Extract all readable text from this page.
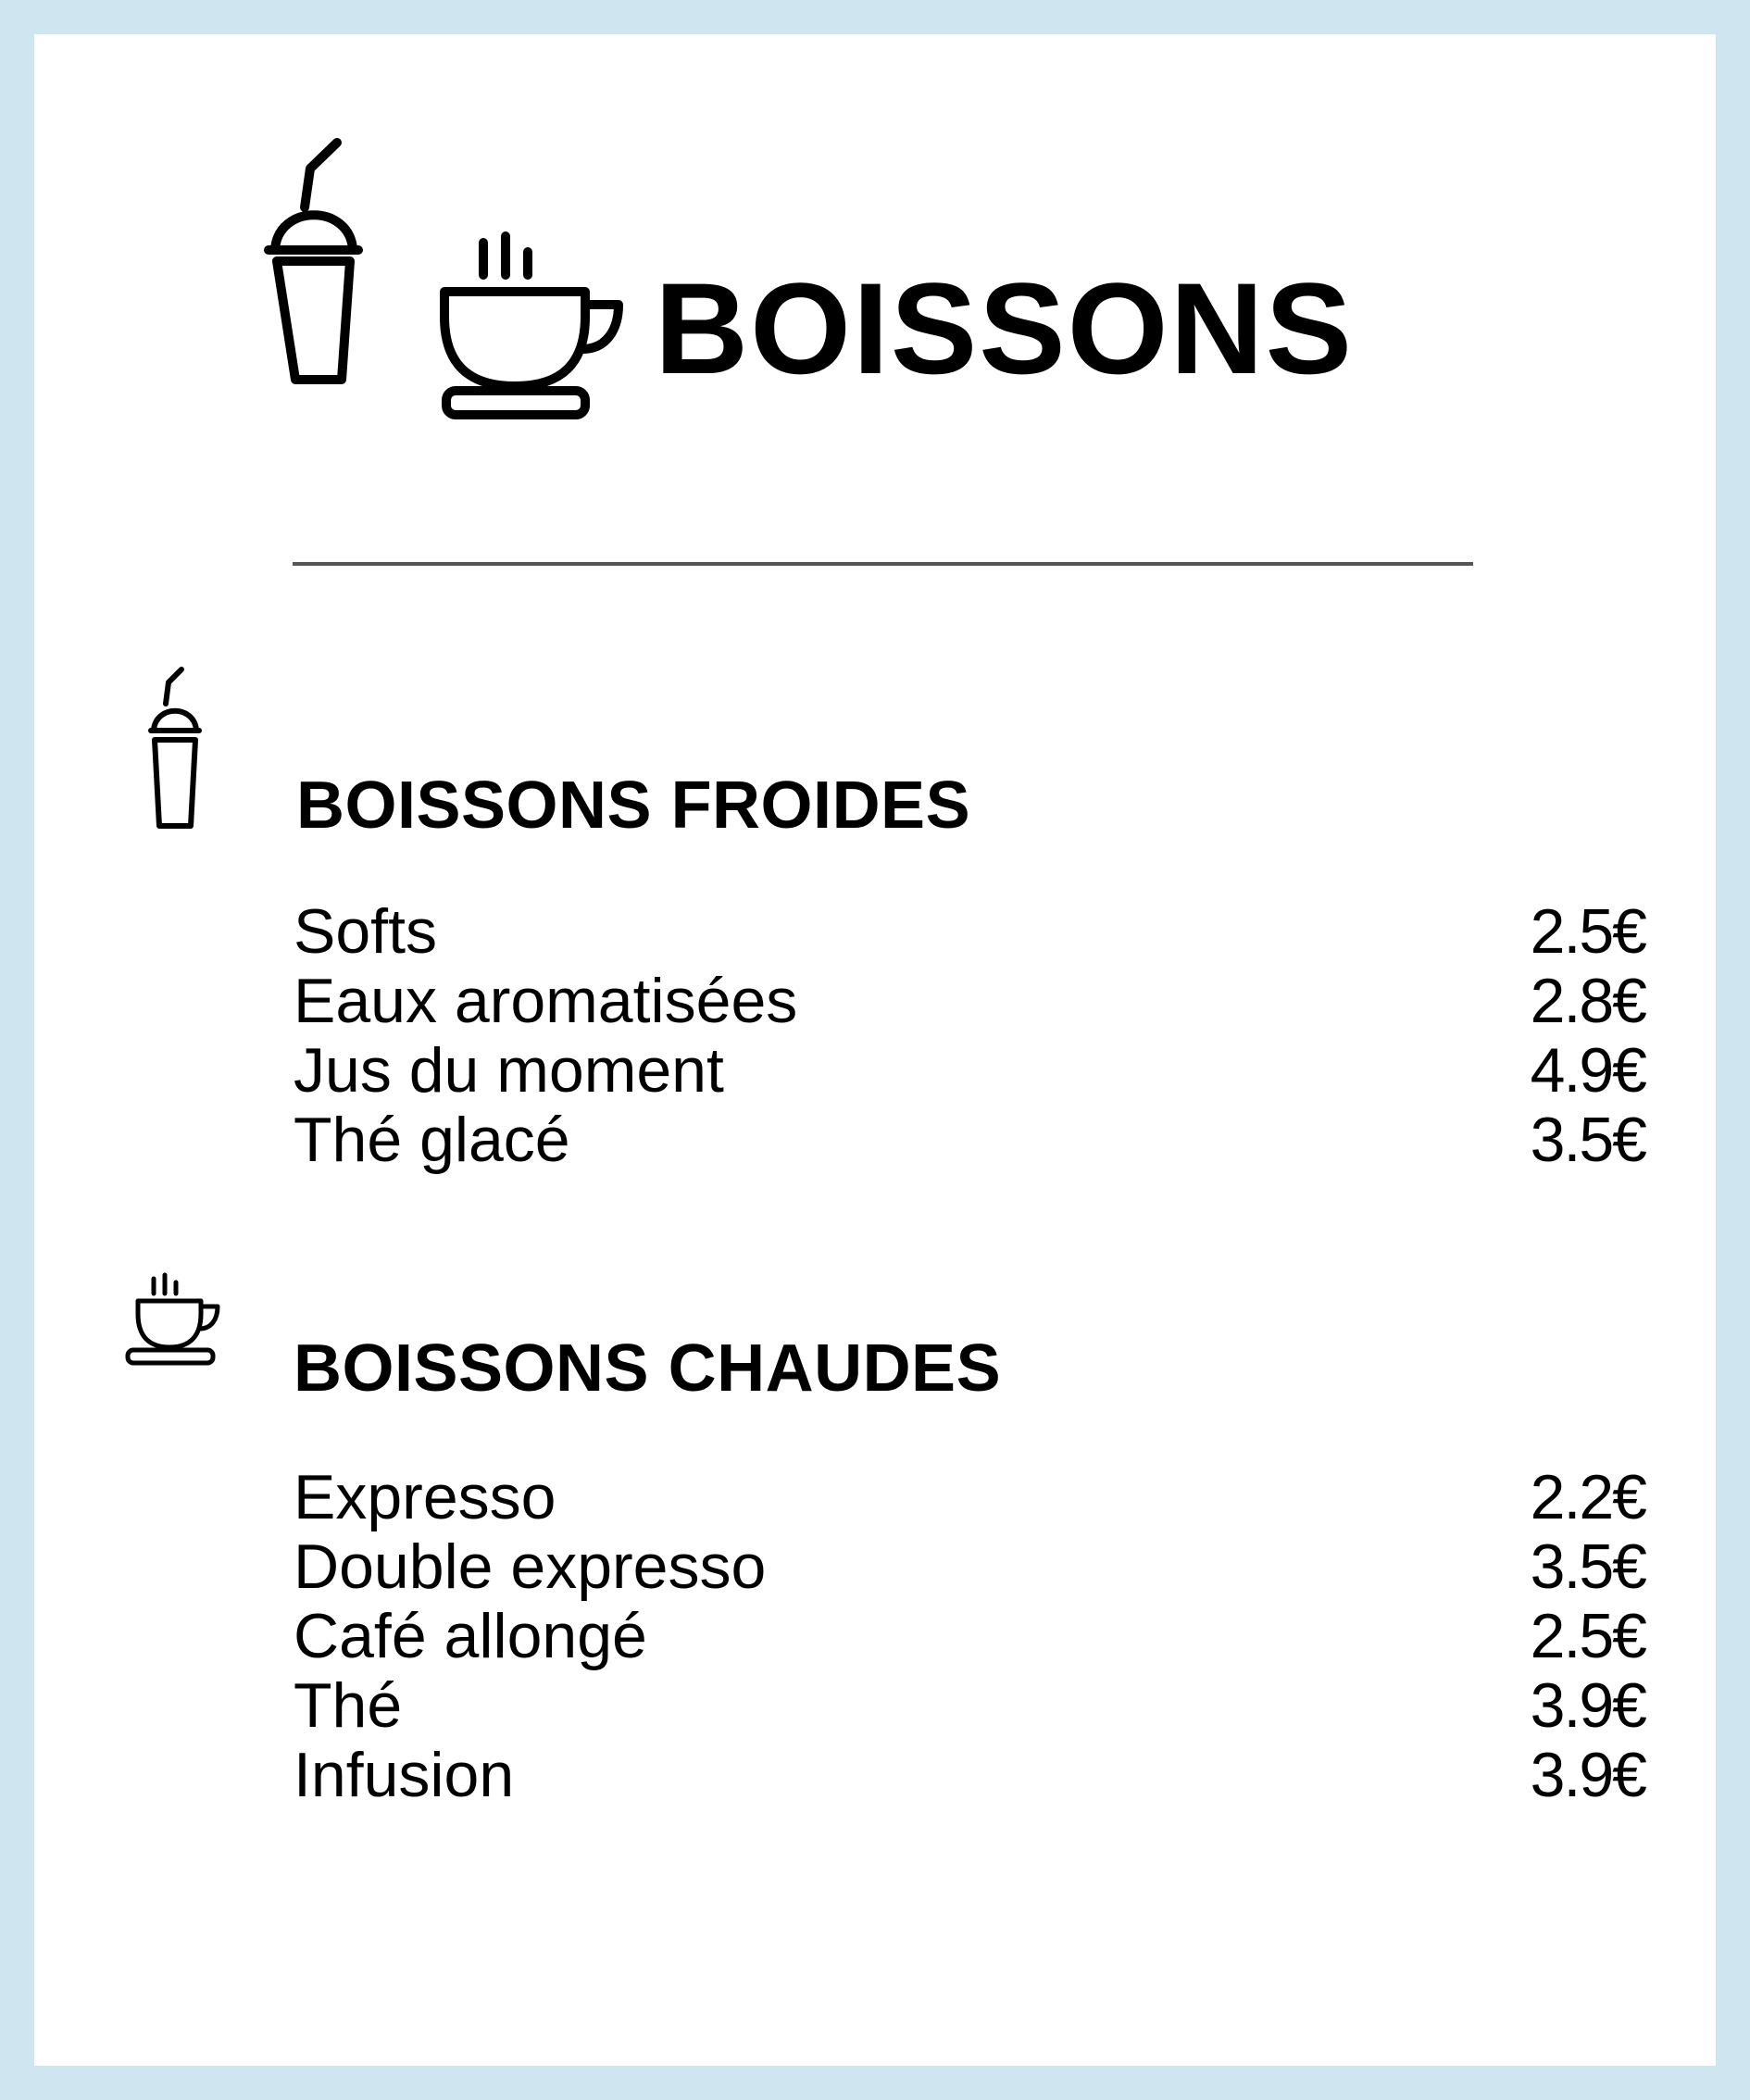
BOISSONS
BOISSONS FROIDES
Softs	2.5€
Eaux aromatisées	2.8€
Jus du moment	4.9€
Thé glacé	3.5€
BOISSONS CHAUDES
Expresso	2.2€
Double expresso	3.5€
Café allongé	2.5€
Thé	3.9€
Infusion	3.9€
